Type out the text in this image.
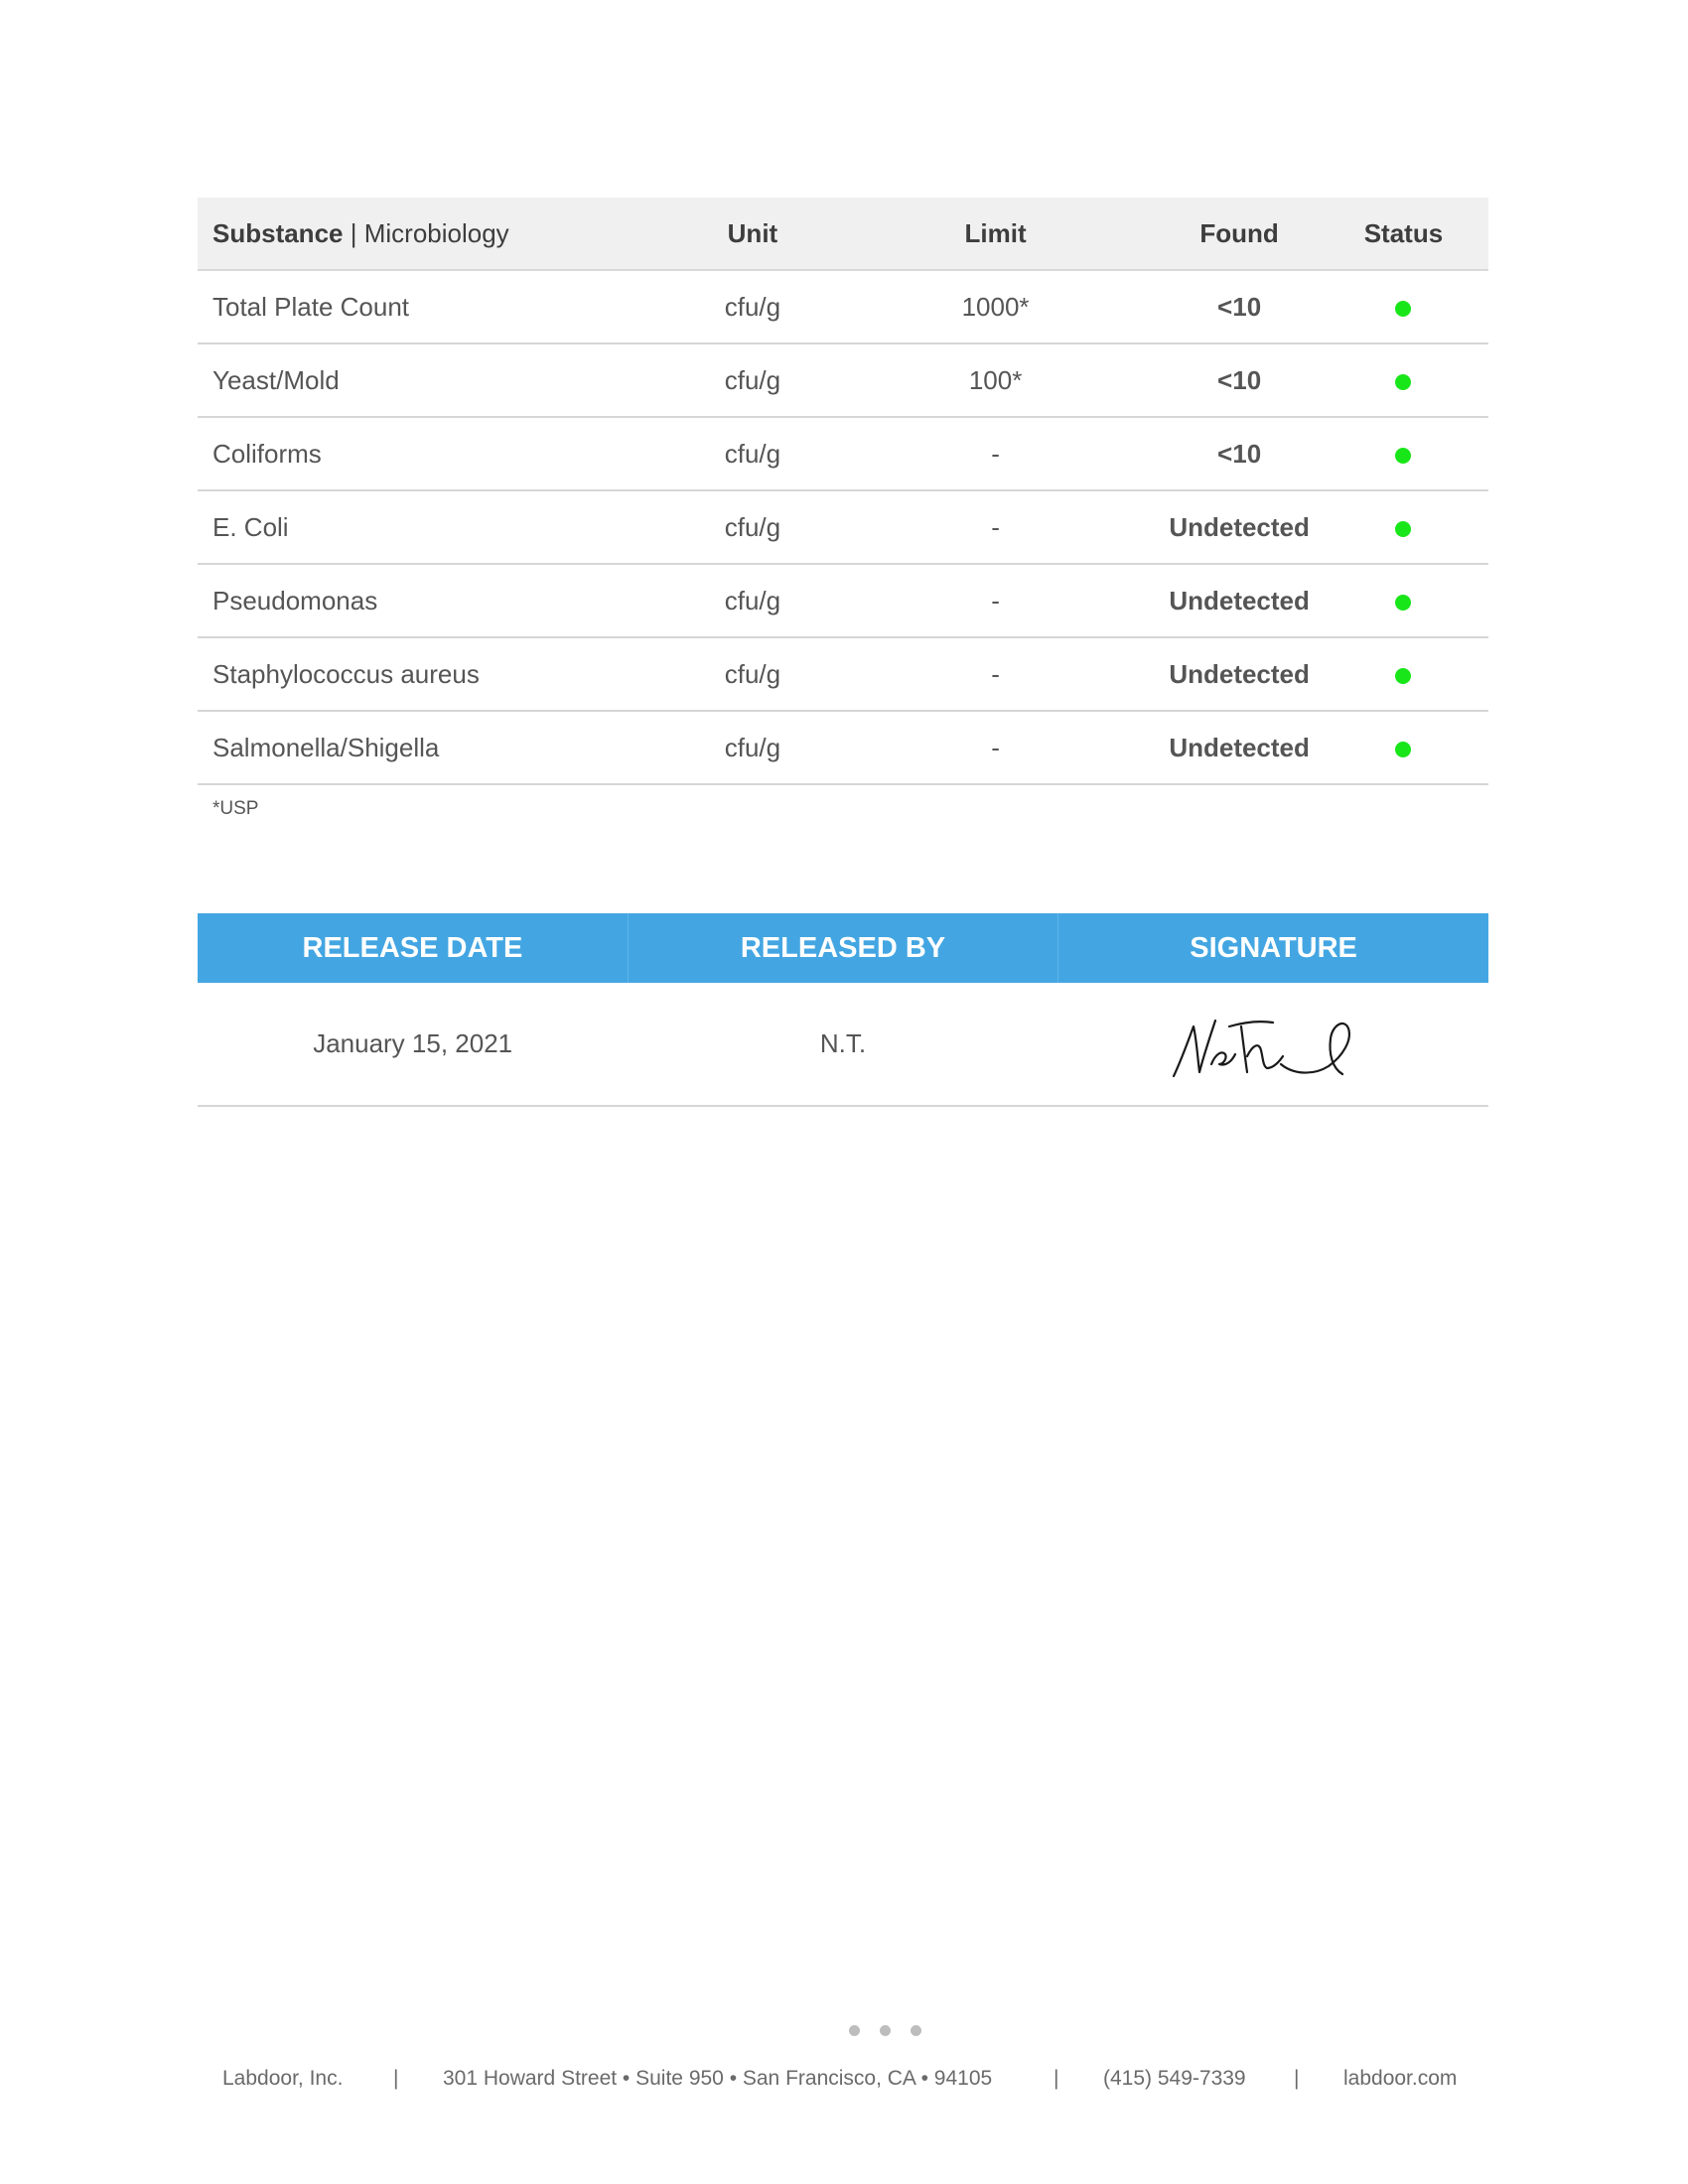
Substance | Microbiology	Unit	Limit	Found	Status
Total Plate Count	cfu/g	1000*	<10	
Yeast/Mold	cfu/g	100*	<10	
Coliforms	cfu/g	-	<10	
E. Coli	cfu/g	-	Undetected	
Pseudomonas	cfu/g	-	Undetected	
Staphylococcus aureus	cfu/g	-	Undetected	
Salmonella/Shigella	cfu/g	-	Undetected	
*USP
RELEASE DATE	RELEASED BY	SIGNATURE
January 15, 2021	N.T.	
Labdoor, Inc. | 301 Howard Street • Suite 950 • San Francisco, CA • 94105	| (415) 549-7339 | labdoor.com
